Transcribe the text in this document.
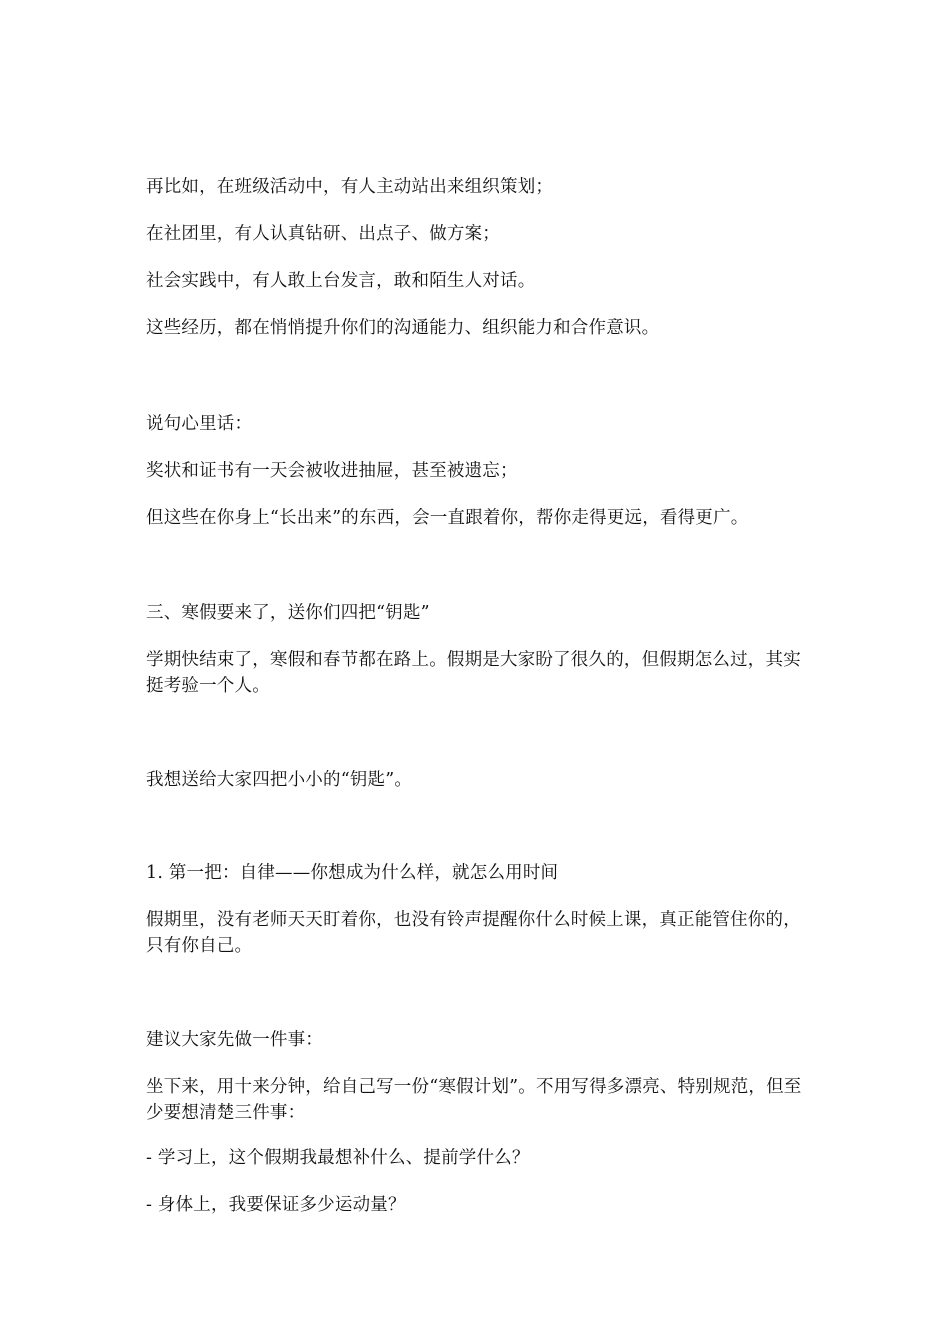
再比如，在班级活动中，有人主动站出来组织策划；

在社团里，有人认真钻研、出点子、做方案；

社会实践中，有人敢上台发言，敢和陌生人对话。

这些经历，都在悄悄提升你们的沟通能力、组织能力和合作意识。

说句心里话：

奖状和证书有一天会被收进抽屉，甚至被遗忘；

但这些在你身上“长出来”的东西，会一直跟着你，帮你走得更远，看得更广。

三、寒假要来了，送你们四把“钥匙”

学期快结束了，寒假和春节都在路上。假期是大家盼了很久的，但假期怎么过，其实挺考验一个人。

我想送给大家四把小小的“钥匙”。

1. 第一把：自律——你想成为什么样，就怎么用时间

假期里，没有老师天天盯着你，也没有铃声提醒你什么时候上课，真正能管住你的，只有你自己。

建议大家先做一件事：

坐下来，用十来分钟，给自己写一份“寒假计划”。不用写得多漂亮、特别规范，但至少要想清楚三件事：

- 学习上，这个假期我最想补什么、提前学什么？

- 身体上，我要保证多少运动量？
